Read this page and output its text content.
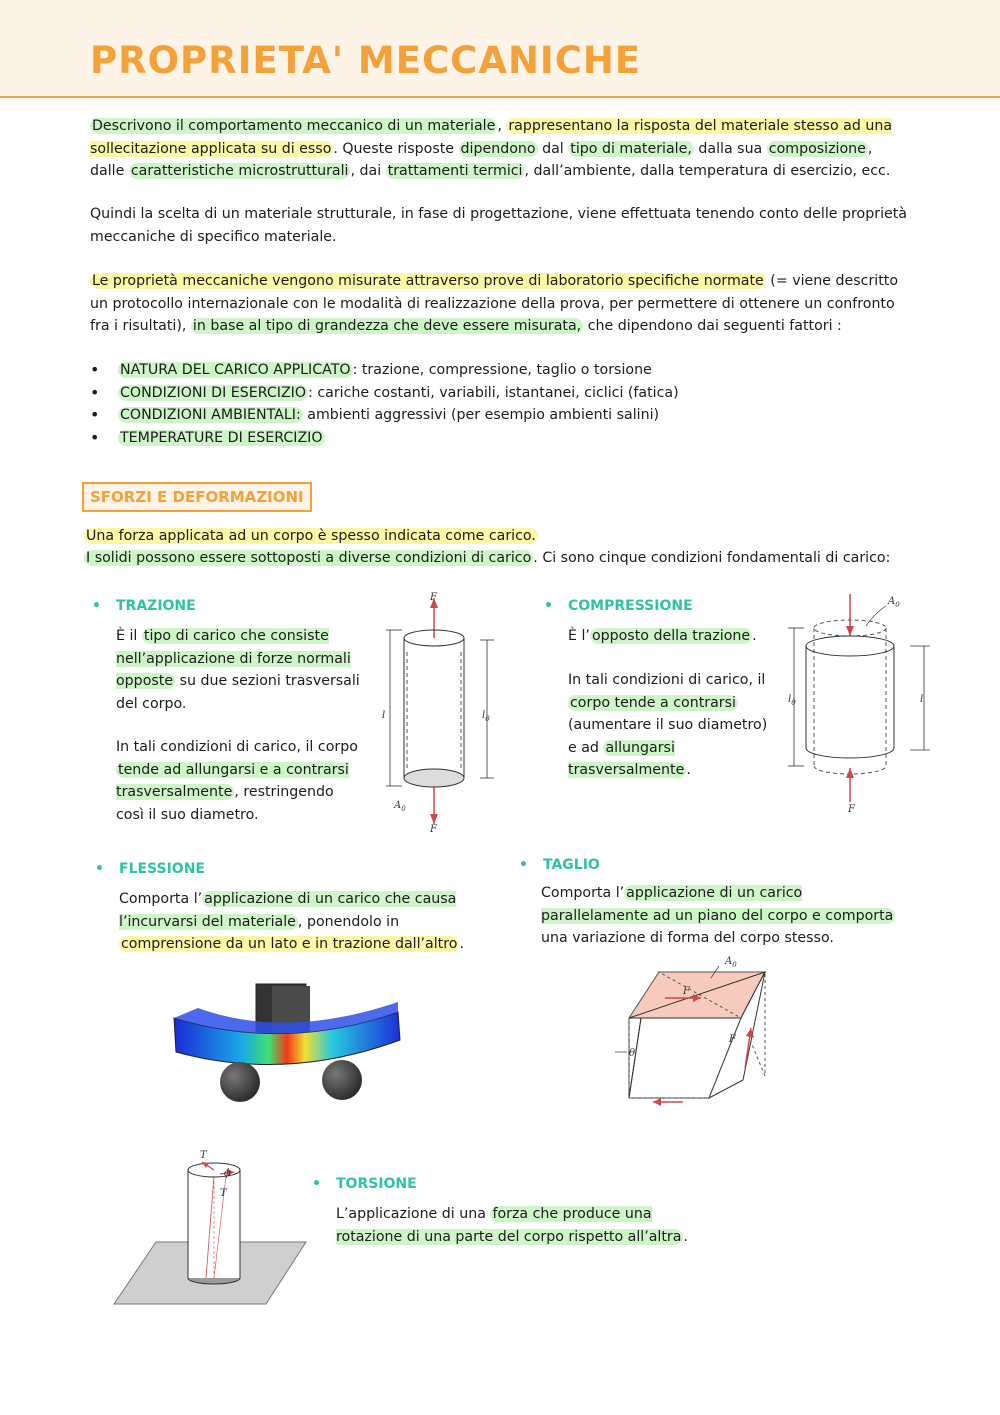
PROPRIETA' MECCANICHE

Descrivono il comportamento meccanico di un materiale , rappresentano la risposta del materiale stesso ad una sollecitazione applicata su di esso . Queste risposte dipendono dal tipo di materiale, dalla sua composizione , dalle caratteristiche microstrutturali , dai trattamenti termici , dall’ambiente, dalla temperatura di esercizio, ecc.

Quindi la scelta di un materiale strutturale, in fase di progettazione, viene effettuata tenendo conto delle proprietà meccaniche di specifico materiale.

Le proprietà meccaniche vengono misurate attraverso prove di laboratorio specifiche normate (= viene descritto un protocollo internazionale con le modalità di realizzazione della prova, per permettere di ottenere un confronto fra i risultati), in base al tipo di grandezza che deve essere misurata, che dipendono dai seguenti fattori :

• NATURA DEL CARICO APPLICATO : trazione, compressione, taglio o torsione
• CONDIZIONI DI ESERCIZIO : cariche costanti, variabili, istantanei, ciclici (fatica)
• CONDIZIONI AMBIENTALI: ambienti aggressivi (per esempio ambienti salini)
• TEMPERATURE DI ESERCIZIO
SFORZI E DEFORMAZIONI

Una forza applicata ad un corpo è spesso indicata come carico.

I solidi possono essere sottoposti a diverse condizioni di carico . Ci sono cinque condizioni fondamentali di carico:

• TRAZIONE

È il tipo di carico che consiste nell’applicazione di forze normali opposte su due sezioni trasversali del corpo.

In tali condizioni di carico, il corpo tende ad allungarsi e a contrarsi trasversalmente , restringendo così il suo diametro.

F
F
l	$l_0$
$A_0$
• COMPRESSIONE

È l’ opposto della trazione .

In tali condizioni di carico, il corpo tende a contrarsi (aumentare il suo diametro) e ad allungarsi trasversalmente .

$A_0$
F
$l_0$	l
• FLESSIONE

Comporta l’ applicazione di un carico che causa l’incurvarsi del materiale , ponendolo in comprensione da un lato e in trazione dall’altro .

• TAGLIO

Comporta l’ applicazione di un carico parallelamente ad un piano del corpo e comporta una variazione di forma del corpo stesso.

F
F
$A_0$
θ
T
T
ϕ
• TORSIONE

L’applicazione di una forza che produce una rotazione di una parte del corpo rispetto all’altra .
